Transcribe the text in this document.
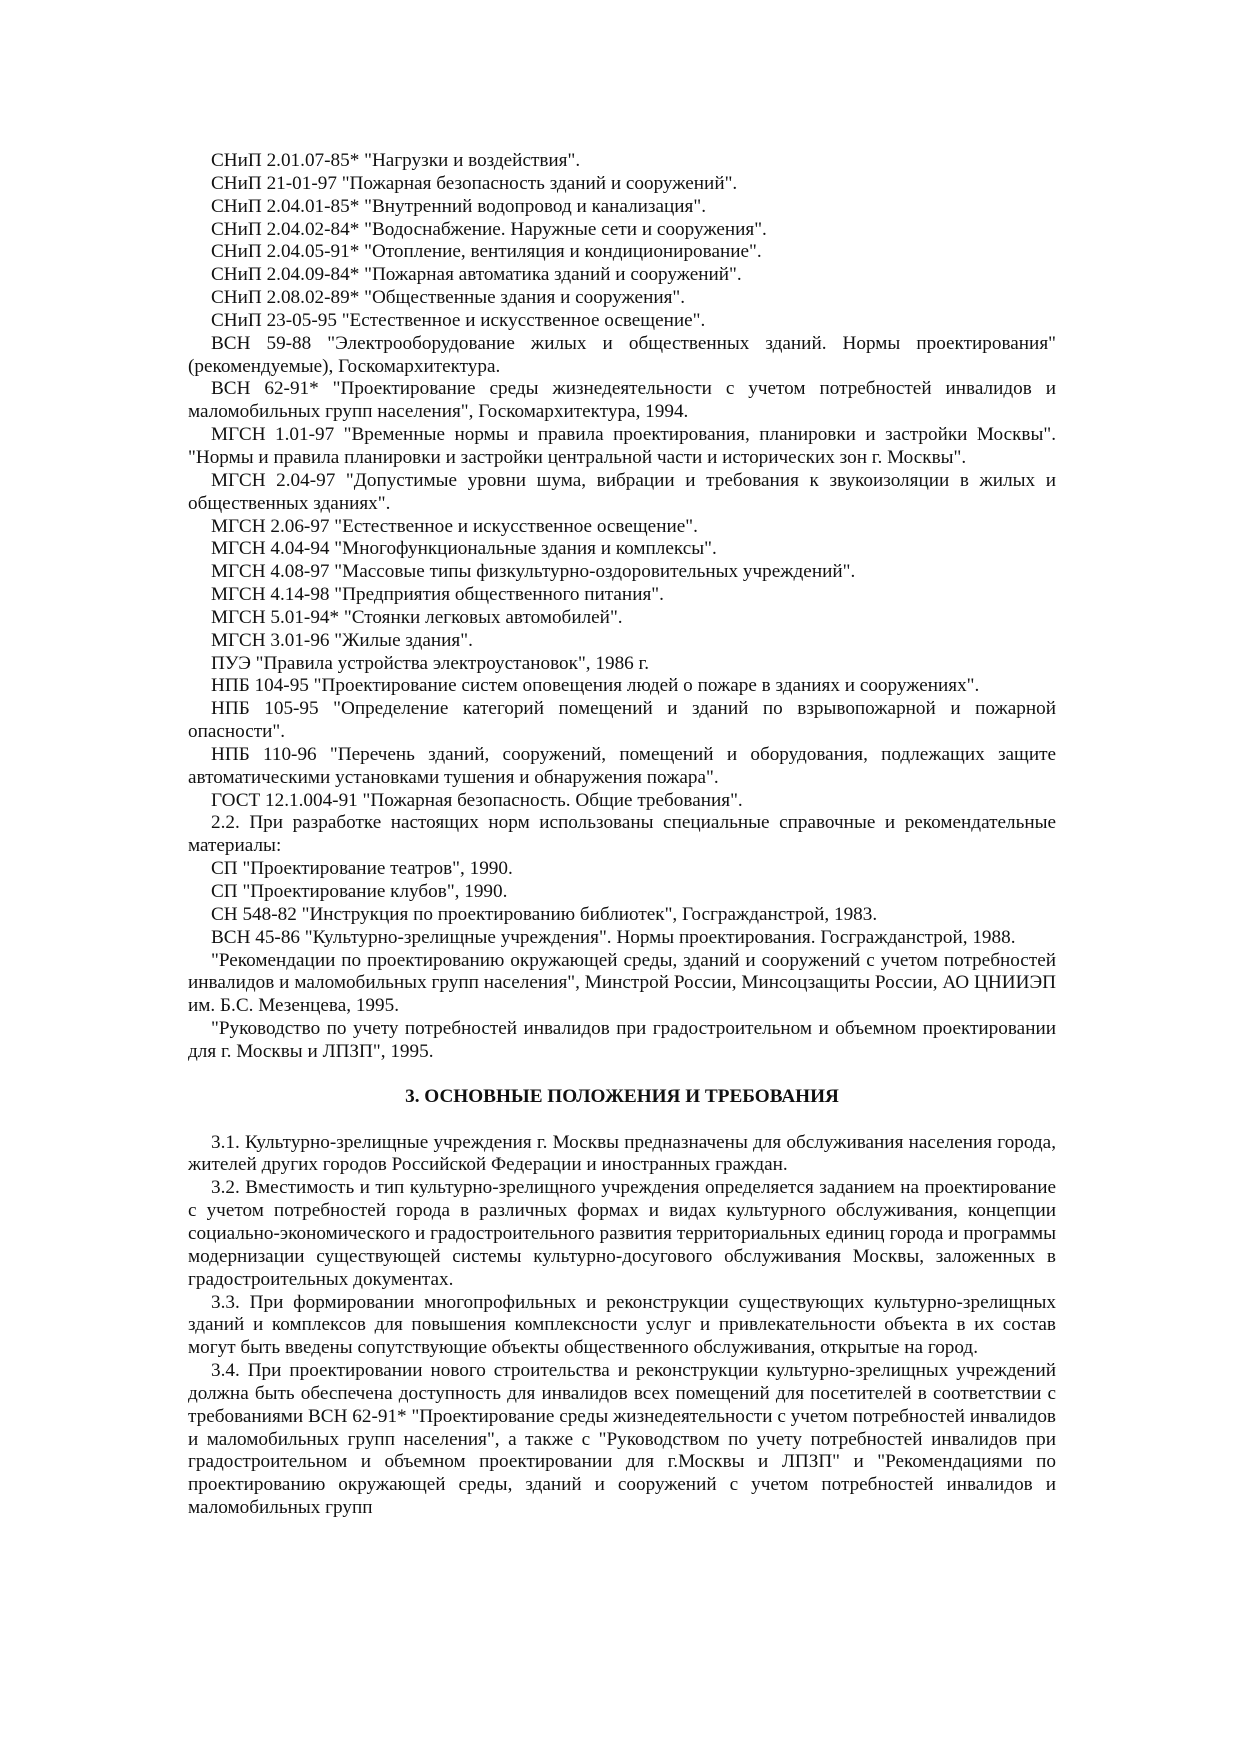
СНиП 2.01.07-85* "Нагрузки и воздействия".

СНиП 21-01-97 "Пожарная безопасность зданий и сооружений".

СНиП 2.04.01-85* "Внутренний водопровод и канализация".

СНиП 2.04.02-84* "Водоснабжение. Наружные сети и сооружения".

СНиП 2.04.05-91* "Отопление, вентиляция и кондиционирование".

СНиП 2.04.09-84* "Пожарная автоматика зданий и сооружений".

СНиП 2.08.02-89* "Общественные здания и сооружения".

СНиП 23-05-95 "Естественное и искусственное освещение".

ВСН 59-88 "Электрооборудование жилых и общественных зданий. Нормы проектирования" (рекомендуемые), Госкомархитектура.

ВСН 62-91* "Проектирование среды жизнедеятельности с учетом потребностей инвалидов и маломобильных групп населения", Госкомархитектура, 1994.

МГСН 1.01-97 "Временные нормы и правила проектирования, планировки и застройки Москвы". "Нормы и правила планировки и застройки центральной части и исторических зон г. Москвы".

МГСН 2.04-97 "Допустимые уровни шума, вибрации и требования к звукоизоляции в жилых и общественных зданиях".

МГСН 2.06-97 "Естественное и искусственное освещение".

МГСН 4.04-94 "Многофункциональные здания и комплексы".

МГСН 4.08-97 "Массовые типы физкультурно-оздоровительных учреждений".

МГСН 4.14-98 "Предприятия общественного питания".

МГСН 5.01-94* "Стоянки легковых автомобилей".

МГСН 3.01-96 "Жилые здания".

ПУЭ "Правила устройства электроустановок", 1986 г.

НПБ 104-95 "Проектирование систем оповещения людей о пожаре в зданиях и сооружениях".

НПБ 105-95 "Определение категорий помещений и зданий по взрывопожарной и пожарной опасности".

НПБ 110-96 "Перечень зданий, сооружений, помещений и оборудования, подлежащих защите автоматическими установками тушения и обнаружения пожара".

ГОСТ 12.1.004-91 "Пожарная безопасность. Общие требования".

2.2. При разработке настоящих норм использованы специальные справочные и рекомендательные материалы:

СП "Проектирование театров", 1990.

СП "Проектирование клубов", 1990.

СН 548-82 "Инструкция по проектированию библиотек", Госгражданстрой, 1983.

ВСН 45-86 "Культурно-зрелищные учреждения". Нормы проектирования. Госгражданстрой, 1988.

"Рекомендации по проектированию окружающей среды, зданий и сооружений с учетом потребностей инвалидов и маломобильных групп населения", Минстрой России, Минсоцзащиты России, АО ЦНИИЭП им. Б.С. Мезенцева, 1995.

"Руководство по учету потребностей инвалидов при градостроительном и объемном проектировании для г. Москвы и ЛПЗП", 1995.

3. ОСНОВНЫЕ ПОЛОЖЕНИЯ И ТРЕБОВАНИЯ

3.1. Культурно-зрелищные учреждения г. Москвы предназначены для обслуживания населения города, жителей других городов Российской Федерации и иностранных граждан.

3.2. Вместимость и тип культурно-зрелищного учреждения определяется заданием на проектирование с учетом потребностей города в различных формах и видах культурного обслуживания, концепции социально-экономического и градостроительного развития территориальных единиц города и программы модернизации существующей системы культурно-досугового обслуживания Москвы, заложенных в градостроительных документах.

3.3. При формировании многопрофильных и реконструкции существующих культурно-зрелищных зданий и комплексов для повышения комплексности услуг и привлекательности объекта в их состав могут быть введены сопутствующие объекты общественного обслуживания, открытые на город.

3.4. При проектировании нового строительства и реконструкции культурно-зрелищных учреждений должна быть обеспечена доступность для инвалидов всех помещений для посетителей в соответствии с требованиями ВСН 62-91* "Проектирование среды жизнедеятельности с учетом потребностей инвалидов и маломобильных групп населения", а также с "Руководством по учету потребностей инвалидов при градостроительном и объемном проектировании для г.Москвы и ЛПЗП" и "Рекомендациями по проектированию окружающей среды, зданий и сооружений с учетом потребностей инвалидов и маломобильных групп
